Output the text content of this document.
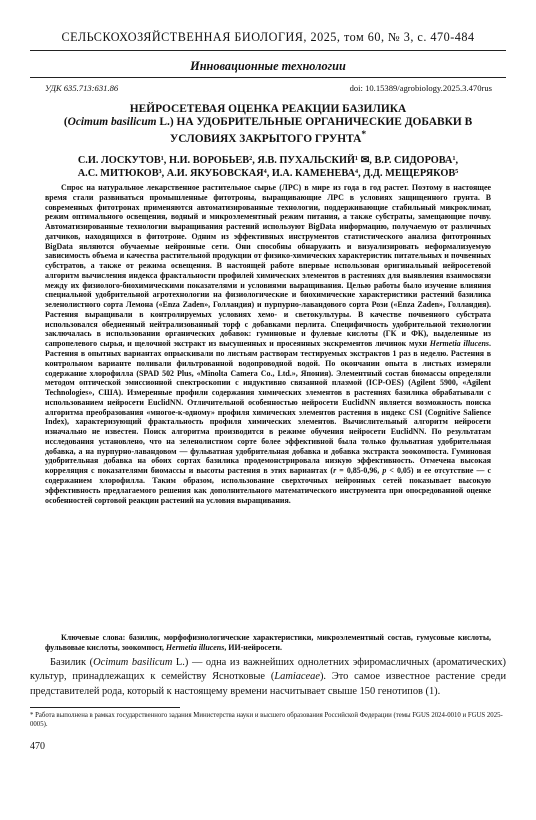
СЕЛЬСКОХОЗЯЙСТВЕННАЯ БИОЛОГИЯ, 2025, том 60, № 3, с. 470-484
Инновационные технологии
УДК 635.713:631.86	doi: 10.15389/agrobiology.2025.3.470rus
НЕЙРОСЕТЕВАЯ ОЦЕНКА РЕАКЦИИ БАЗИЛИКА
(Ocimum basilicum L.) НА УДОБРИТЕЛЬНЫЕ ОРГАНИЧЕСКИЕ ДОБАВКИ В УСЛОВИЯХ ЗАКРЫТОГО ГРУНТА*
С.И. ЛОСКУТОВ¹, Н.И. ВОРОБЬЕВ², Я.В. ПУХАЛЬСКИЙ¹ ✉, В.Р. СИДОРОВА¹,
А.С. МИТЮКОВ³, А.И. ЯКУБОВСКАЯ⁴, И.А. КАМЕНЕВА⁴, Д.Д. МЕЩЕРЯКОВ⁵

Спрос на натуральное лекарственное растительное сырье (ЛРС) в мире из года в год растет. Поэтому в настоящее время стали развиваться промышленные фитотроны, выращивающие ЛРС в условиях защищенного грунта. В современных фитотронах применяются автоматизированные технологии, поддерживающие стабильный микроклимат, режим оптимального освещения, водный и микроэлементный режим питания, а также субстраты, замещающие почву. Автоматизированные технологии выращивания растений используют BigData информацию, получаемую от различных датчиков, находящихся в фитотроне. Одним из эффективных инструментов статистического анализа фитотронных BigData являются обучаемые нейронные сети. Они способны обнаружить и визуализировать неформализуемую зависимость объема и качества растительной продукции от физико-химических характеристик питательных и почвенных субстратов, а также от режима освещения. В настоящей работе впервые использован оригинальный нейросетевой алгоритм вычисления индекса фрактальности профилей химических элементов в растениях для выявления взаимосвязи между их физиолого-биохимическими показателями и условиями выращивания. Целью работы было изучение влияния специальной удобрительной агротехнологии на физиологические и биохимические характеристики растений базилика зеленолистного сорта Лемона («Enza Zaden», Голландия) и пурпурно-лавандового сорта Рози («Enza Zaden», Голландия). Растения выращивали в контролируемых условиях хемо- и светокультуры. В качестве почвенного субстрата использовался обедненный нейтрализованный торф с добавками перлита. Специфичность удобрительной технологии заключалась в использовании органических добавок: гуминовые и фулевые кислоты (ГК и ФК), выделенные из сапропелевого сырья, и щелочной экстракт из высушенных и просеянных экскрементов личинок мухи Hermetia illucens. Растения в опытных вариантах опрыскивали по листьям растворам тестируемых экстрактов 1 раз в неделю. Растения в контрольном варианте поливали фильтрованной водопроводной водой. По окончании опыта в листьях измеряли содержание хлорофилла (SPAD 502 Plus, «Minolta Camera Co., Ltd.», Япония). Элементный состав биомассы определяли методом оптической эмиссионной спектроскопии с индуктивно связанной плазмой (ICP-OES) (Agilent 5900, «Agilent Technologies», США). Измеренные профили содержания химических элементов в растениях базилика обрабатывали с использованием нейросети EuclidNN. Отличительной особенностью нейросети EuclidNN является возможность поиска алгоритма преобразования «многое-к-одному» профиля химических элементов растения в индекс CSI (Cognitive Salience Index), характеризующий фрактальность профиля химических элементов. Вычислительный алгоритм нейросети изначально не известен. Поиск алгоритма производится в режиме обучения нейросети EuclidNN. По результатам исследования установлено, что на зеленолистном сорте более эффективной была только фульватная удобрительная добавка, а на пурпурно-лавандовом — фульватная удобрительная добавка и добавка экстракта зоокомпоста. Гуминовая удобрительная добавка на обоих сортах базилика продемонстрировала низкую эффективность. Отмечена высокая корреляция с показателями биомассы и высоты растения в этих вариантах (r = 0,85-0,96, p < 0,05) и ее отсутствие — с содержанием хлорофилла. Таким образом, использование сверхточных нейронных сетей показывает высокую эффективность предлагаемого решения как дополнительного математического инструмента при опосредованной оценке особенностей сортовой реакции растений на условия выращивания.

Ключевые слова: базилик, морфофизиологические характеристики, микроэлементный состав, гумусовые кислоты, фульвовые кислоты, зоокомпост, Hermetia illucens, ИИ-нейросети.

Базилик (Ocimum basilicum L.) — одна из важнейших однолетних эфиромасличных (ароматических) культур, принадлежащих к семейству Яснотковые (Lamiaceae). Это самое известное растение среди представителей рода, который к настоящему времени насчитывает свыше 150 генотипов (1).

* Работа выполнена в рамках государственного задания Министерства науки и высшего образования Российской Федерации (темы FGUS 2024-0010 и FGUS 2025-0005).

470
